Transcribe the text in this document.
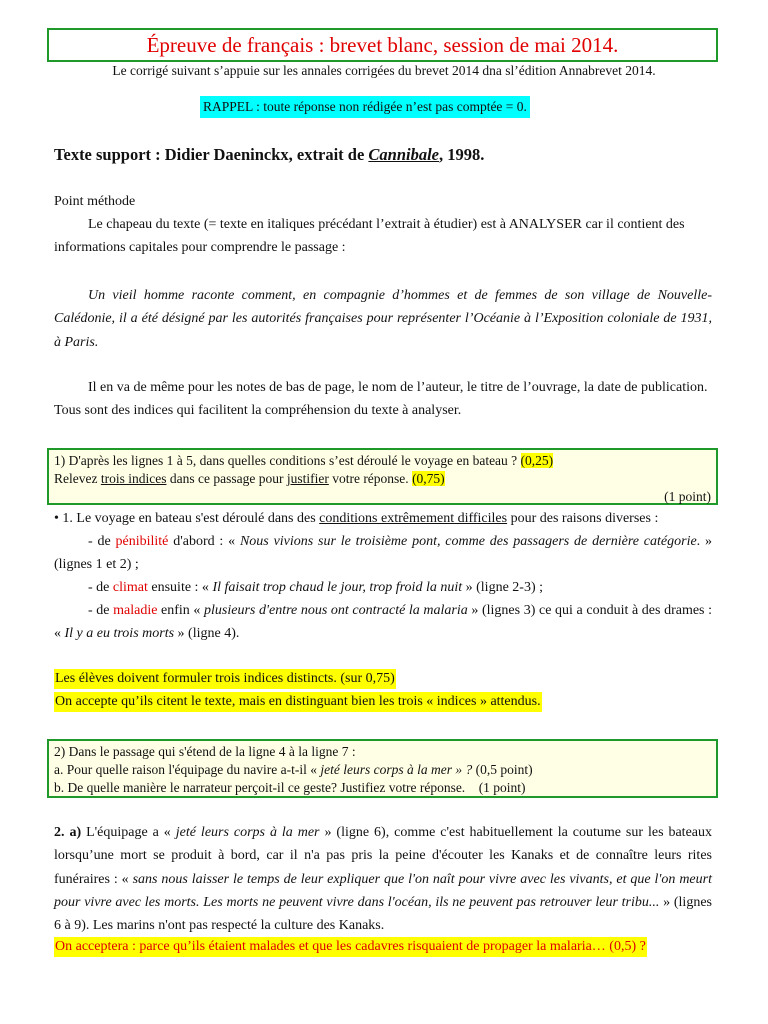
Épreuve de français : brevet blanc, session de mai 2014.
Le corrigé suivant s’appuie sur les annales corrigées du brevet 2014 dna sl’édition Annabrevet 2014.
RAPPEL : toute réponse non rédigée n’est pas comptée = 0.
Texte support : Didier Daeninckx, extrait de Cannibale, 1998.
Point méthode
Le chapeau du texte (= texte en italiques précédant l’extrait à étudier) est à ANALYSER car il contient des informations capitales pour comprendre le passage :
Un vieil homme raconte comment, en compagnie d’hommes et de femmes de son village de Nouvelle-Calédonie, il a été désigné par les autorités françaises pour représenter l’Océanie à l’Exposition coloniale de 1931, à Paris.
Il en va de même pour les notes de bas de page, le nom de l’auteur, le titre de l’ouvrage, la date de publication. Tous sont des indices qui facilitent la compréhension du texte à analyser.
1) D'après les lignes 1 à 5, dans quelles conditions s’est déroulé le voyage en bateau ? (0,25)
Relevez trois indices dans ce passage pour justifier votre réponse. (0,75)
(1 point)
• 1. Le voyage en bateau s'est déroulé dans des conditions extrêmement difficiles pour des raisons diverses :
- de pénibilité d'abord : « Nous vivions sur le troisième pont, comme des passagers de dernière catégorie. » (lignes 1 et 2) ;
- de climat ensuite : « Il faisait trop chaud le jour, trop froid la nuit » (ligne 2-3) ;
- de maladie enfin « plusieurs d'entre nous ont contracté la malaria » (lignes 3) ce qui a conduit à des drames : « Il y a eu trois morts » (ligne 4).
Les élèves doivent formuler trois indices distincts. (sur 0,75)
On accepte qu’ils citent le texte, mais en distinguant bien les trois « indices » attendus.
2) Dans le passage qui s'étend de la ligne 4 à la ligne 7 :
a. Pour quelle raison l'équipage du navire a-t-il « jeté leurs corps à la mer » ? (0,5 point)
b. De quelle manière le narrateur perçoit-il ce geste? Justifiez votre réponse. (1 point)
2. a) L'équipage a « jeté leurs corps à la mer » (ligne 6), comme c'est habituellement la coutume sur les bateaux lorsqu’une mort se produit à bord, car il n'a pas pris la peine d'écouter les Kanaks et de connaître leurs rites funéraires : « sans nous laisser le temps de leur expliquer que l'on naît pour vivre avec les vivants, et que l'on meurt pour vivre avec les morts. Les morts ne peuvent vivre dans l'océan, ils ne peuvent pas retrouver leur tribu... » (lignes 6 à 9). Les marins n'ont pas respecté la culture des Kanaks.
On acceptera : parce qu’ils étaient malades et que les cadavres risquaient de propager la malaria… (0,5) ?
